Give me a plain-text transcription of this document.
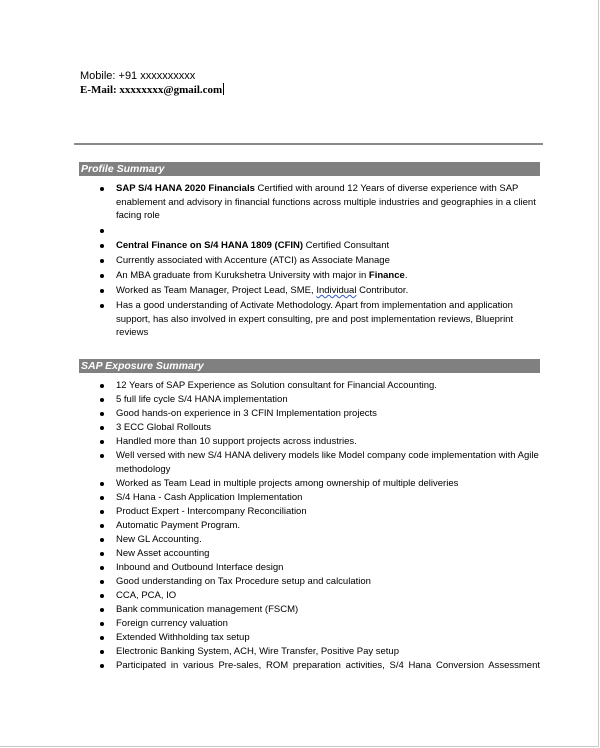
Mobile: +91 xxxxxxxxxx
E-Mail: xxxxxxxx@gmail.com
Profile Summary
SAP S/4 HANA 2020 Financials Certified with around 12 Years of diverse experience with SAP enablement and advisory in financial functions across multiple industries and geographies in a client facing role
Central Finance on S/4 HANA 1809 (CFIN) Certified Consultant
Currently associated with Accenture (ATCI) as Associate Manage
An MBA graduate from Kurukshetra University with major in Finance.
Worked as Team Manager, Project Lead, SME, Individual Contributor.
Has a good understanding of Activate Methodology. Apart from implementation and application support, has also involved in expert consulting, pre and post implementation reviews, Blueprint reviews
SAP Exposure Summary
12 Years of SAP Experience as Solution consultant for Financial Accounting.
5 full life cycle S/4 HANA implementation
Good hands-on experience in 3 CFIN Implementation projects
3 ECC Global Rollouts
Handled more than 10 support projects across industries.
Well versed with new S/4 HANA delivery models like Model company code implementation with Agile methodology
Worked as Team Lead in multiple projects among ownership of multiple deliveries
S/4 Hana - Cash Application Implementation
Product Expert - Intercompany Reconciliation
Automatic Payment Program.
New GL Accounting.
New Asset accounting
Inbound and Outbound Interface design
Good understanding on Tax Procedure setup and calculation
CCA, PCA, IO
Bank communication management (FSCM)
Foreign currency valuation
Extended Withholding tax setup
Electronic Banking System, ACH, Wire Transfer, Positive Pay setup
Participated in various Pre-sales, ROM preparation activities, S/4 Hana Conversion Assessment
